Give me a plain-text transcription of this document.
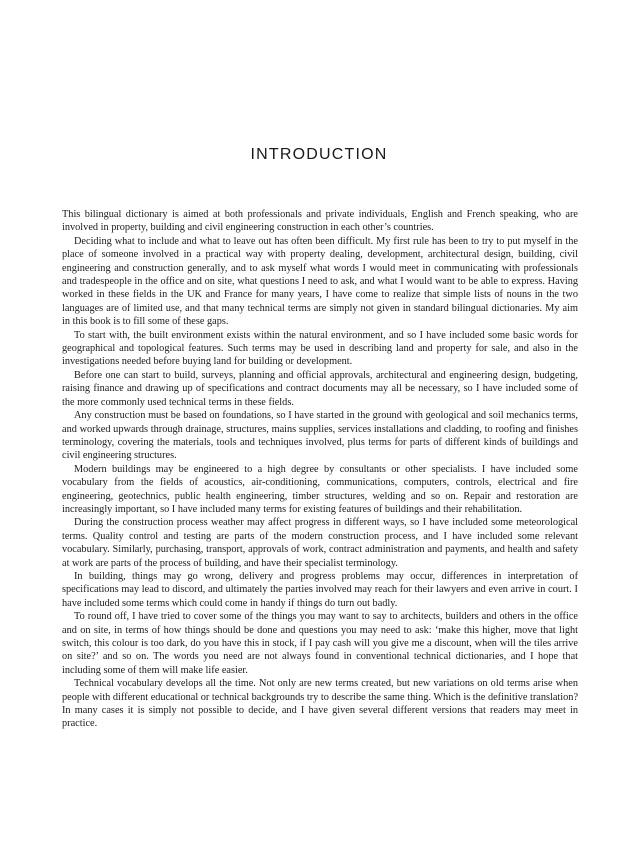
INTRODUCTION

This bilingual dictionary is aimed at both professionals and private individuals, English and French speaking, who are involved in property, building and civil engineering construction in each other’s countries.

Deciding what to include and what to leave out has often been difficult. My first rule has been to try to put myself in the place of someone involved in a practical way with property dealing, development, architectural design, building, civil engineering and construction generally, and to ask myself what words I would meet in communicating with professionals and tradespeople in the office and on site, what questions I need to ask, and what I would want to be able to express. Having worked in these fields in the UK and France for many years, I have come to realize that simple lists of nouns in the two languages are of limited use, and that many technical terms are simply not given in standard bilingual dictionaries. My aim in this book is to fill some of these gaps.

To start with, the built environment exists within the natural environment, and so I have included some basic words for geographical and topological features. Such terms may be used in describing land and property for sale, and also in the investigations needed before buying land for building or development.

Before one can start to build, surveys, planning and official approvals, architectural and engineering design, budgeting, raising finance and drawing up of specifications and contract documents may all be necessary, so I have included some of the more commonly used technical terms in these fields.

Any construction must be based on foundations, so I have started in the ground with geological and soil mechanics terms, and worked upwards through drainage, structures, mains supplies, services installations and cladding, to roofing and finishes terminology, covering the materials, tools and techniques involved, plus terms for parts of different kinds of buildings and civil engineering structures.

Modern buildings may be engineered to a high degree by consultants or other specialists. I have included some vocabulary from the fields of acoustics, air-conditioning, communications, computers, controls, electrical and fire engineering, geotechnics, public health engineering, timber structures, welding and so on. Repair and restoration are increasingly important, so I have included many terms for existing features of buildings and their rehabilitation.

During the construction process weather may affect progress in different ways, so I have included some meteorological terms. Quality control and testing are parts of the modern construction process, and I have included some relevant vocabulary. Similarly, purchasing, transport, approvals of work, contract administration and payments, and health and safety at work are parts of the process of building, and have their specialist terminology.

In building, things may go wrong, delivery and progress problems may occur, differences in interpretation of specifications may lead to discord, and ultimately the parties involved may reach for their lawyers and even arrive in court. I have included some terms which could come in handy if things do turn out badly.

To round off, I have tried to cover some of the things you may want to say to architects, builders and others in the office and on site, in terms of how things should be done and questions you may need to ask: ‘make this higher, move that light switch, this colour is too dark, do you have this in stock, if I pay cash will you give me a discount, when will the tiles arrive on site?’ and so on. The words you need are not always found in conventional technical dictionaries, and I hope that including some of them will make life easier.

Technical vocabulary develops all the time. Not only are new terms created, but new variations on old terms arise when people with different educational or technical backgrounds try to describe the same thing. Which is the definitive translation? In many cases it is simply not possible to decide, and I have given several different versions that readers may meet in practice.
